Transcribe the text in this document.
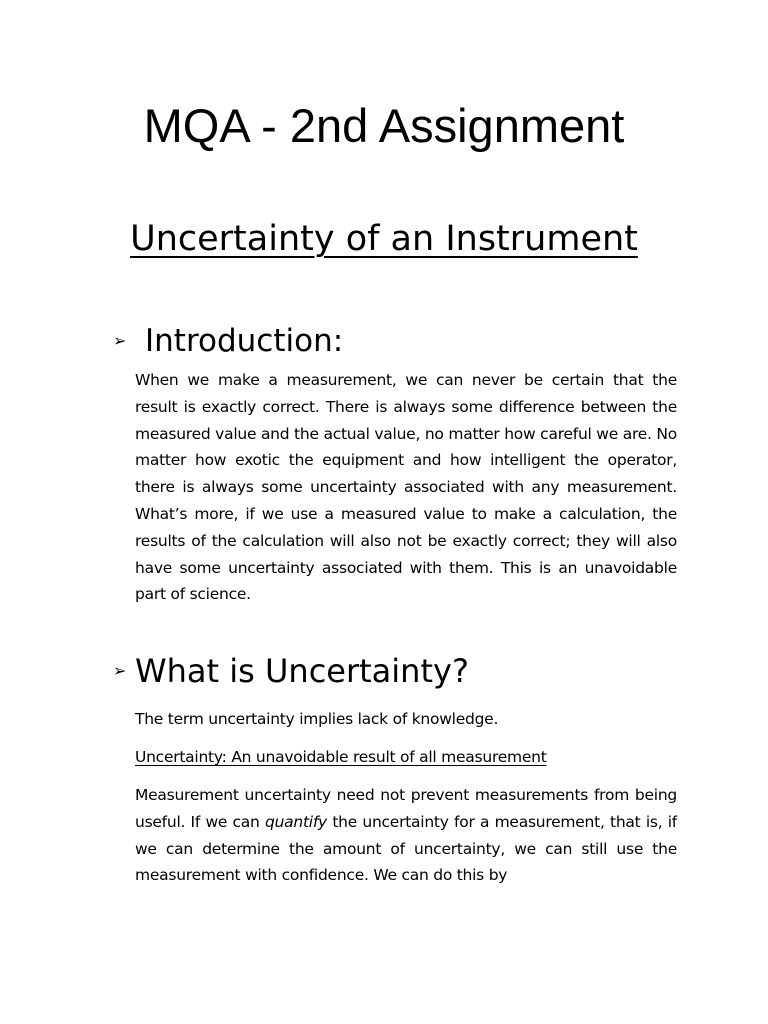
MQA - 2nd Assignment
Uncertainty of an Instrument
➢ Introduction:

When we make a measurement, we can never be certain that the result is exactly correct. There is always some difference between the measured value and the actual value, no matter how careful we are. No matter how exotic the equipment and how intelligent the operator, there is always some uncertainty associated with any measurement. What’s more, if we use a measured value to make a calculation, the results of the calculation will also not be exactly correct; they will also have some uncertainty associated with them. This is an unavoidable part of science.

➢ What is Uncertainty?

The term uncertainty implies lack of knowledge.

Uncertainty: An unavoidable result of all measurement

Measurement uncertainty need not prevent measurements from being useful. If we can quantify the uncertainty for a measurement, that is, if we can determine the amount of uncertainty, we can still use the measurement with confidence. We can do this by
